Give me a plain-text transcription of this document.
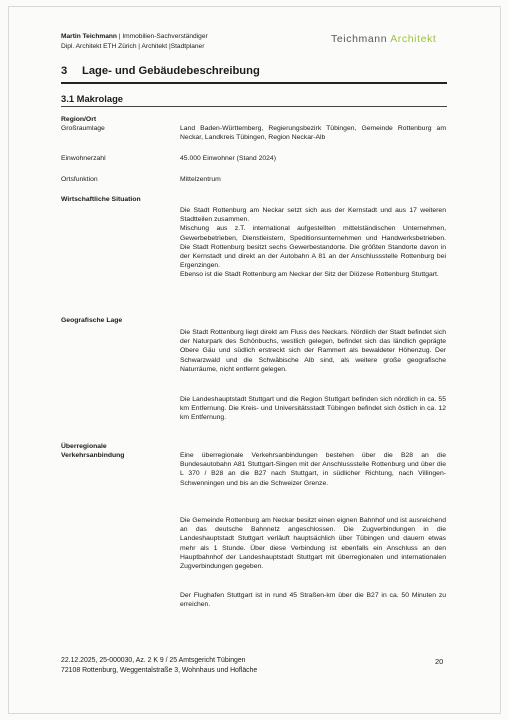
Martin Teichmann | Immobilien-Sachverständiger
Dipl. Architekt ETH Zürich | Architekt |Stadtplaner
Teichmann Architekt
3 Lage- und Gebäudebeschreibung
3.1 Makrolage
Region/Ort
Großraumlage
Einwohnerzahl
Ortsfunktion
Wirtschaftliche Situation
Geografische Lage
Überregionale
Verkehrsanbindung

Land Baden-Württemberg, Regierungsbezirk Tübingen, Gemeinde Rottenburg am Neckar, Landkreis Tübingen, Region Neckar-Alb

45.000 Einwohner (Stand 2024)

Mittelzentrum

Die Stadt Rottenburg am Neckar setzt sich aus der Kernstadt und aus 17 weiteren Stadtteilen zusammen.

Mischung aus z.T. international aufgestellten mittelständischen Unternehmen, Gewerbebetrieben, Dienstleistern, Speditionsunternehmen und Handwerksbetrieben. Die Stadt Rottenburg besitzt sechs Gewerbestandorte. Die größten Standorte davon in der Kernstadt und direkt an der Autobahn A 81 an der Anschlussstelle Rottenburg bei Ergenzingen.

Ebenso ist die Stadt Rottenburg am Neckar der Sitz der Diözese Rottenburg Stuttgart.

Die Stadt Rottenburg liegt direkt am Fluss des Neckars. Nördlich der Stadt befindet sich der Naturpark des Schönbuchs, westlich gelegen, befindet sich das ländlich geprägte Obere Gäu und südlich erstreckt sich der Rammert als bewaldeter Höhenzug. Der Schwarzwald und die Schwäbische Alb sind, als weitere große geografische Naturräume, nicht entfernt gelegen.

Die Landeshauptstadt Stuttgart und die Region Stuttgart befinden sich nördlich in ca. 55 km Entfernung. Die Kreis- und Universitätsstadt Tübingen befindet sich östlich in ca. 12 km Entfernung.

Eine überregionale Verkehrsanbindungen bestehen über die B28 an die Bundesautobahn A81 Stuttgart-Singen mit der Anschlussstelle Rottenburg und über die L 370 / B28 an die B27 nach Stuttgart, in südlicher Richtung, nach Villingen-Schwenningen und bis an die Schweizer Grenze.

Die Gemeinde Rottenburg am Neckar besitzt einen eignen Bahnhof und ist ausreichend an das deutsche Bahnnetz angeschlossen. Die Zugverbindungen in die Landeshauptstadt Stuttgart verläuft hauptsächlich über Tübingen und dauern etwas mehr als 1 Stunde. Über diese Verbindung ist ebenfalls ein Anschluss an den Hauptbahnhof der Landeshauptstadt Stuttgart mit überregionalen und internationalen Zugverbindungen gegeben.

Der Flughafen Stuttgart ist in rund 45 Straßen-km über die B27 in ca. 50 Minuten zu erreichen.

22.12.2025, 25-000030, Az. 2 K 9 / 25 Amtsgericht Tübingen
72108 Rottenburg, Weggentalstraße 3, Wohnhaus und Hofläche
20
